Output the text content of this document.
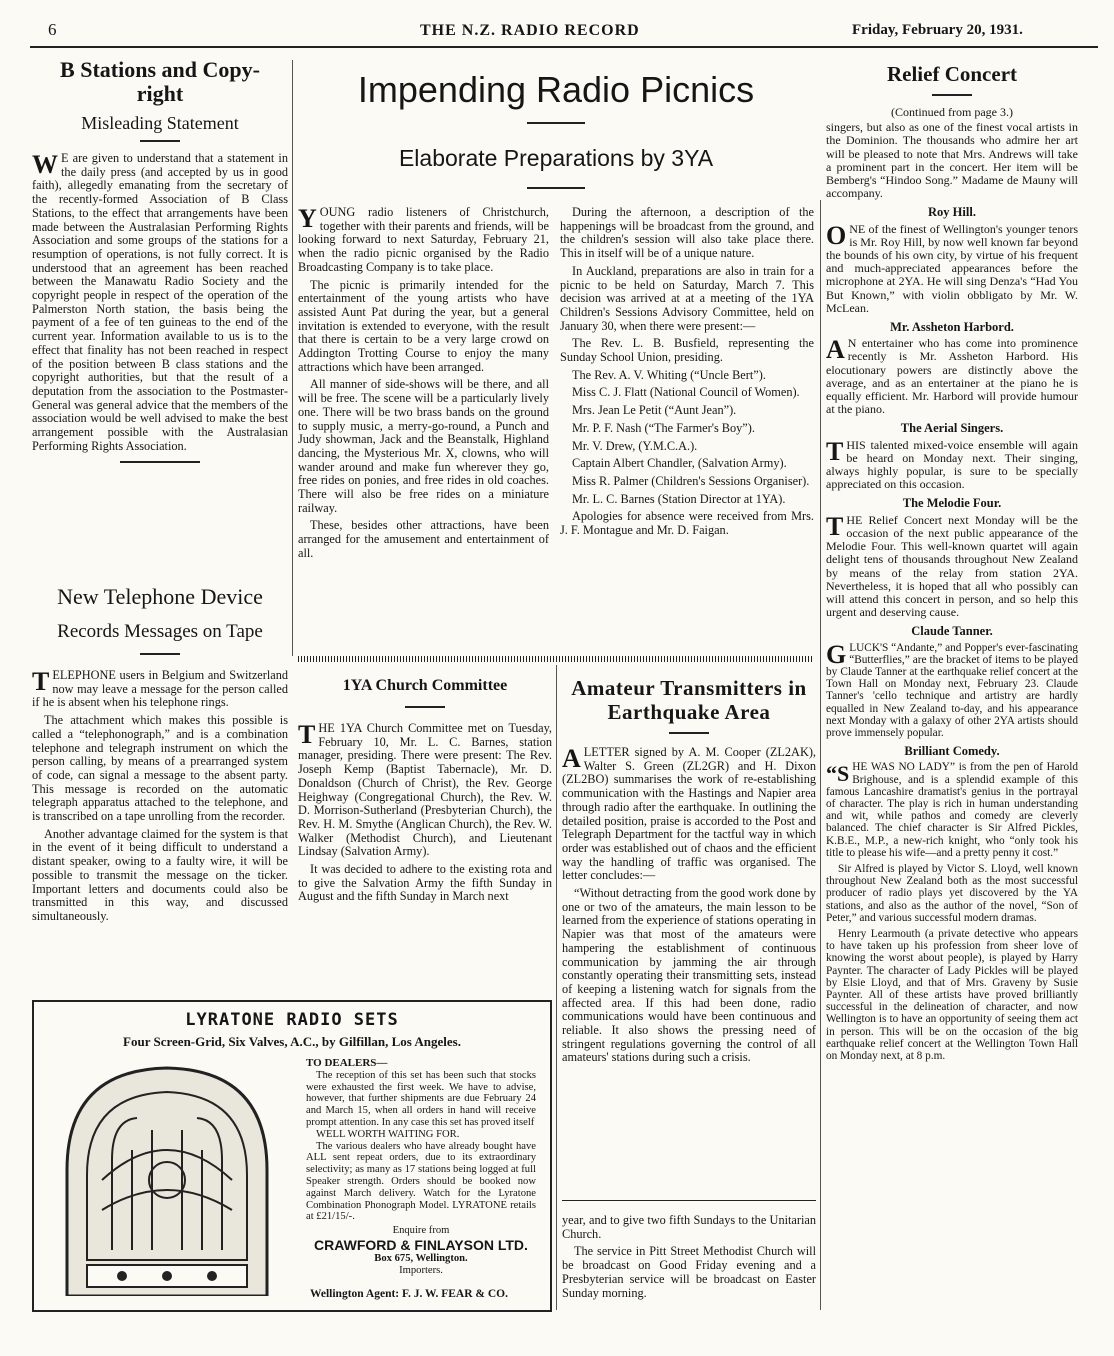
6	THE N.Z. RADIO RECORD	Friday, February 20, 1931.
B Stations and Copy-right
Misleading Statement

W E are given to understand that a statement in the daily press (and accepted by us in good faith), allegedly emanating from the secretary of the recently-formed Association of B Class Stations, to the effect that arrangements have been made between the Australasian Performing Rights Association and some groups of the stations for a resumption of operations, is not fully correct. It is understood that an agreement has been reached between the Manawatu Radio Society and the copyright people in respect of the operation of the Palmerston North station, the basis being the payment of a fee of ten guineas to the end of the current year. Information available to us is to the effect that finality has not been reached in respect of the position between B class stations and the copyright authorities, but that the result of a deputation from the association to the Postmaster-General was general advice that the members of the association would be well advised to make the best arrangement possible with the Australasian Performing Rights Association.

New Telephone Device
Records Messages on Tape

TELEPHONE users in Belgium and Switzerland now may leave a message for the person called if he is absent when his telephone rings.

The attachment which makes this possible is called a “telephonograph,” and is a combination telephone and telegraph instrument on which the person calling, by means of a prearranged system of code, can signal a message to the absent party. This message is recorded on the automatic telegraph apparatus attached to the telephone, and is transcribed on a tape unrolling from the recorder.

Another advantage claimed for the system is that in the event of it being difficult to understand a distant speaker, owing to a faulty wire, it will be possible to transmit the message on the ticker. Important letters and documents could also be transmitted in this way, and discussed simultaneously.

Impending Radio Picnics
Elaborate Preparations by 3YA

YOUNG radio listeners of Christchurch, together with their parents and friends, will be looking forward to next Saturday, February 21, when the radio picnic organised by the Radio Broadcasting Company is to take place.

The picnic is primarily intended for the entertainment of the young artists who have assisted Aunt Pat during the year, but a general invitation is extended to everyone, with the result that there is certain to be a very large crowd on Addington Trotting Course to enjoy the many attractions which have been arranged.

All manner of side-shows will be there, and all will be free. The scene will be a particularly lively one. There will be two brass bands on the ground to supply music, a merry-go-round, a Punch and Judy showman, Jack and the Beanstalk, Highland dancing, the Mysterious Mr. X, clowns, who will wander around and make fun wherever they go, free rides on ponies, and free rides in old coaches. There will also be free rides on a miniature railway.

These, besides other attractions, have been arranged for the amusement and entertainment of all.

During the afternoon, a description of the happenings will be broadcast from the ground, and the children's session will also take place there. This in itself will be of a unique nature.

In Auckland, preparations are also in train for a picnic to be held on Saturday, March 7. This decision was arrived at at a meeting of the 1YA Children's Sessions Advisory Committee, held on January 30, when there were present:—

The Rev. L. B. Busfield, representing the Sunday School Union, presiding.

The Rev. A. V. Whiting (“Uncle Bert”).

Miss C. J. Flatt (National Council of Women).

Mrs. Jean Le Petit (“Aunt Jean”).

Mr. P. F. Nash (“The Farmer's Boy”).

Mr. V. Drew, (Y.M.C.A.).

Captain Albert Chandler, (Salvation Army).

Miss R. Palmer (Children's Sessions Organiser).

Mr. L. C. Barnes (Station Director at 1YA).

Apologies for absence were received from Mrs. J. F. Montague and Mr. D. Faigan.

1YA Church Committee

THE 1YA Church Committee met on Tuesday, February 10, Mr. L. C. Barnes, station manager, presiding. There were present: The Rev. Joseph Kemp (Baptist Tabernacle), Mr. D. Donaldson (Church of Christ), the Rev. George Heighway (Congregational Church), the Rev. W. D. Morrison-Sutherland (Presbyterian Church), the Rev. H. M. Smythe (Anglican Church), the Rev. W. Walker (Methodist Church), and Lieutenant Lindsay (Salvation Army).

It was decided to adhere to the existing rota and to give the Salvation Army the fifth Sunday in August and the fifth Sunday in March next

Amateur Transmitters in Earthquake Area

A LETTER signed by A. M. Cooper (ZL2AK), Walter S. Green (ZL2GR) and H. Dixon (ZL2BO) summarises the work of re-establishing communication with the Hastings and Napier area through radio after the earthquake. In outlining the detailed position, praise is accorded to the Post and Telegraph Department for the tactful way in which order was established out of chaos and the efficient way the handling of traffic was organised. The letter concludes:—

“Without detracting from the good work done by one or two of the amateurs, the main lesson to be learned from the experience of stations operating in Napier was that most of the amateurs were hampering the establishment of continuous communication by jamming the air through constantly operating their transmitting sets, instead of keeping a listening watch for signals from the affected area. If this had been done, radio communications would have been continuous and reliable. It also shows the pressing need of stringent regulations governing the control of all amateurs' stations during such a crisis.

year, and to give two fifth Sundays to the Unitarian Church.

The service in Pitt Street Methodist Church will be broadcast on Good Friday evening and a Presbyterian service will be broadcast on Easter Sunday morning.

LYRATONE RADIO SETS
Four Screen-Grid, Six Valves, A.C., by Gilfillan, Los Angeles.
TO DEALERS—
The reception of this set has been such that stocks were exhausted the first week. We have to advise, however, that further shipments are due February 24 and March 15, when all orders in hand will receive prompt attention. In any case this set has proved itself
WELL WORTH WAITING FOR.
The various dealers who have already bought have ALL sent repeat orders, due to its extraordinary selectivity; as many as 17 stations being logged at full Speaker strength. Orders should be booked now against March delivery. Watch for the Lyratone Combination Phonograph Model. LYRATONE retails at £21/15/-.
Enquire from
CRAWFORD & FINLAYSON LTD.
Box 675, Wellington.
Importers.
Wellington Agent: F. J. W. FEAR & CO.
Relief Concert
(Continued from page 3.)

singers, but also as one of the finest vocal artists in the Dominion. The thousands who admire her art will be pleased to note that Mrs. Andrews will take a prominent part in the concert. Her item will be Bemberg's “Hindoo Song.” Madame de Mauny will accompany.

Roy Hill.

ONE of the finest of Wellington's younger tenors is Mr. Roy Hill, by now well known far beyond the bounds of his own city, by virtue of his frequent and much-appreciated appearances before the microphone at 2YA. He will sing Denza's “Had You But Known,” with violin obbligato by Mr. W. McLean.

Mr. Assheton Harbord.

A N entertainer who has come into prominence recently is Mr. Assheton Harbord. His elocutionary powers are distinctly above the average, and as an entertainer at the piano he is equally efficient. Mr. Harbord will provide humour at the piano.

The Aerial Singers.

THIS talented mixed-voice ensemble will again be heard on Monday next. Their singing, always highly popular, is sure to be specially appreciated on this occasion.

The Melodie Four.

THE Relief Concert next Monday will be the occasion of the next public appearance of the Melodie Four. This well-known quartet will again delight tens of thousands throughout New Zealand by means of the relay from station 2YA. Nevertheless, it is hoped that all who possibly can will attend this concert in person, and so help this urgent and deserving cause.

Claude Tanner.

GLUCK'S “Andante,” and Popper's ever-fascinating “Butterflies,” are the bracket of items to be played by Claude Tanner at the earthquake relief concert at the Town Hall on Monday next, February 23. Claude Tanner's 'cello technique and artistry are hardly equalled in New Zealand to-day, and his appearance next Monday with a galaxy of other 2YA artists should prove immensely popular.

Brilliant Comedy.

“SHE WAS NO LADY” is from the pen of Harold Brighouse, and is a splendid example of this famous Lancashire dramatist's genius in the portrayal of character. The play is rich in human understanding and wit, while pathos and comedy are cleverly balanced. The chief character is Sir Alfred Pickles, K.B.E., M.P., a new-rich knight, who “only took his title to please his wife—and a pretty penny it cost.”

Sir Alfred is played by Victor S. Lloyd, well known throughout New Zealand both as the most successful producer of radio plays yet discovered by the YA stations, and also as the author of the novel, “Son of Peter,” and various successful modern dramas.

Henry Learmouth (a private detective who appears to have taken up his profession from sheer love of knowing the worst about people), is played by Harry Paynter. The character of Lady Pickles will be played by Elsie Lloyd, and that of Mrs. Graveny by Susie Paynter. All of these artists have proved brilliantly successful in the delineation of character, and now Wellington is to have an opportunity of seeing them act in person. This will be on the occasion of the big earthquake relief concert at the Wellington Town Hall on Monday next, at 8 p.m.
